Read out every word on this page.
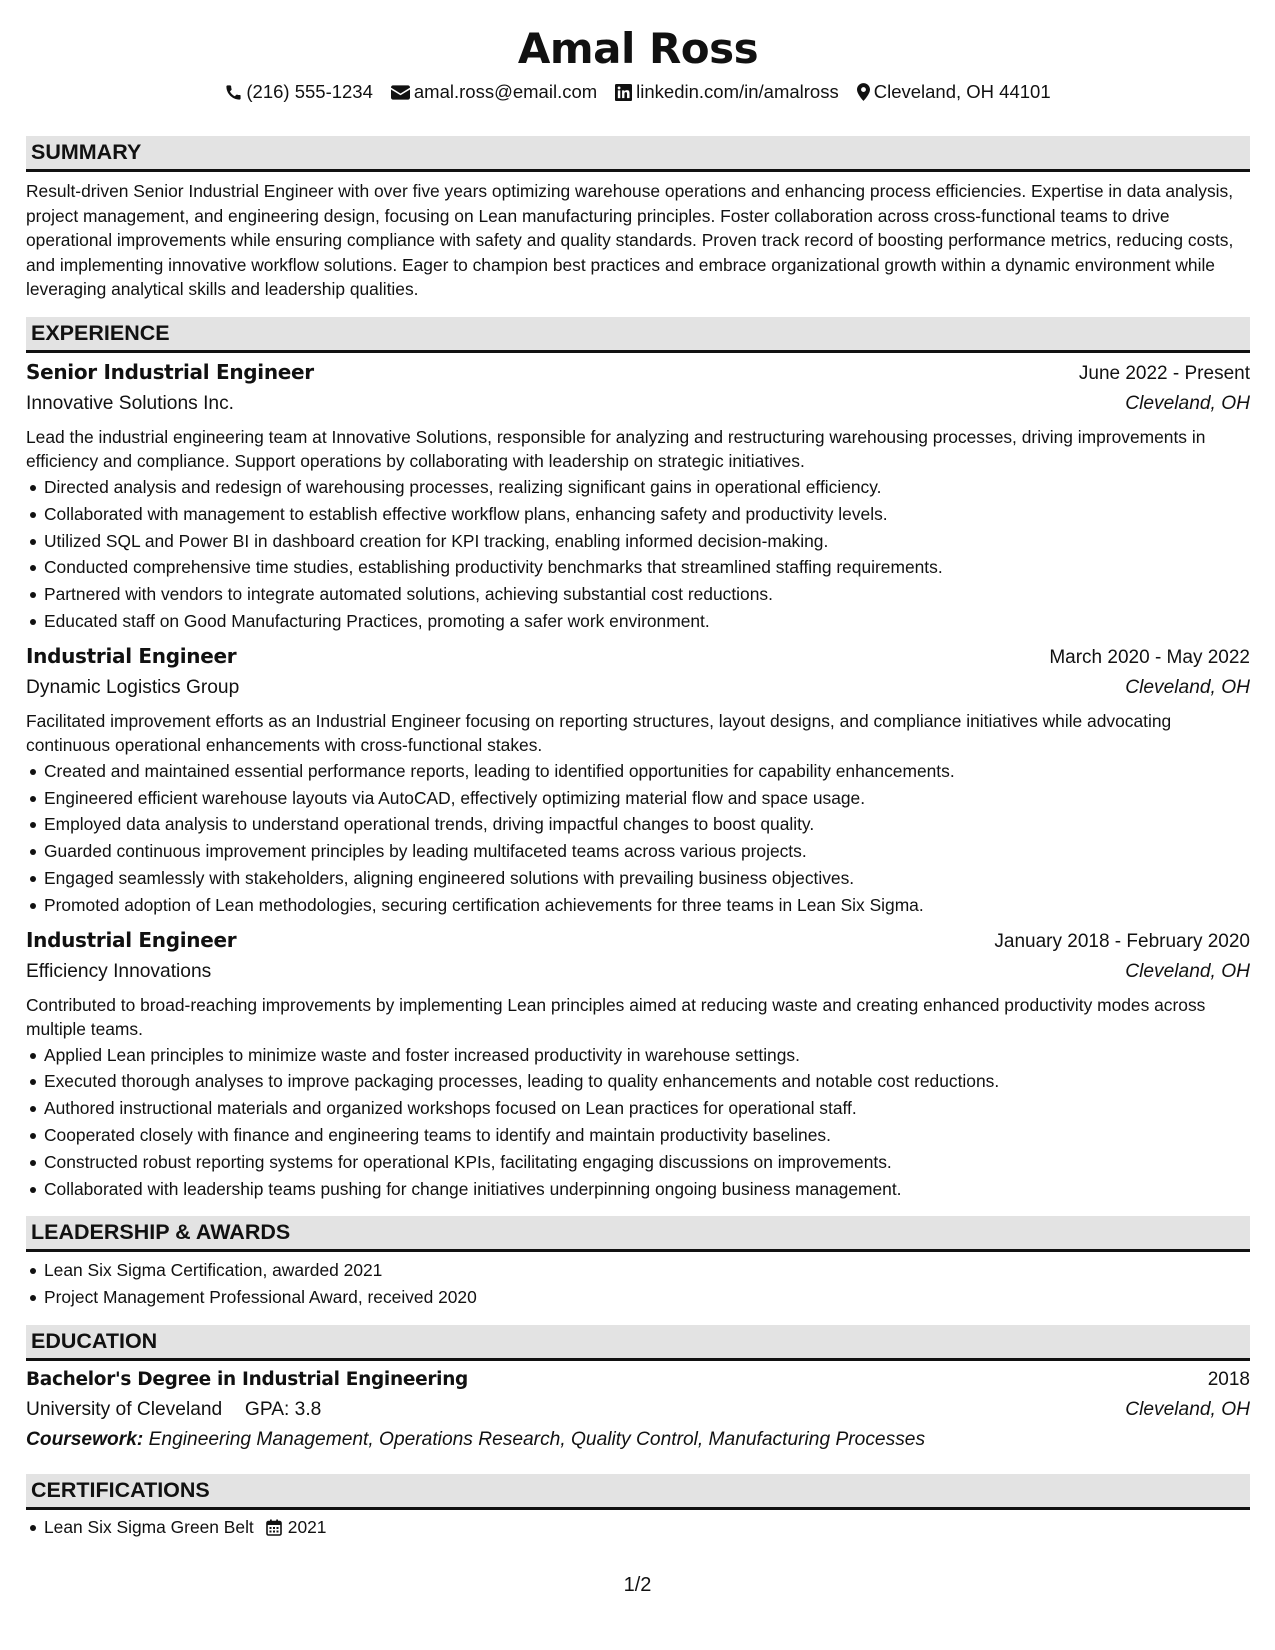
Amal Ross
(216) 555-1234 amal.ross@email.com linkedin.com/in/amalross Cleveland, OH 44101
SUMMARY

Result-driven Senior Industrial Engineer with over five years optimizing warehouse operations and enhancing process efficiencies. Expertise in data analysis, project management, and engineering design, focusing on Lean manufacturing principles. Foster collaboration across cross-functional teams to drive operational improvements while ensuring compliance with safety and quality standards. Proven track record of boosting performance metrics, reducing costs, and implementing innovative workflow solutions. Eager to champion best practices and embrace organizational growth within a dynamic environment while leveraging analytical skills and leadership qualities.

EXPERIENCE
Senior Industrial Engineer	June 2022 - Present
Innovative Solutions Inc.	Cleveland, OH

Lead the industrial engineering team at Innovative Solutions, responsible for analyzing and restructuring warehousing processes, driving improvements in efficiency and compliance. Support operations by collaborating with leadership on strategic initiatives.

Directed analysis and redesign of warehousing processes, realizing significant gains in operational efficiency.
Collaborated with management to establish effective workflow plans, enhancing safety and productivity levels.
Utilized SQL and Power BI in dashboard creation for KPI tracking, enabling informed decision-making.
Conducted comprehensive time studies, establishing productivity benchmarks that streamlined staffing requirements.
Partnered with vendors to integrate automated solutions, achieving substantial cost reductions.
Educated staff on Good Manufacturing Practices, promoting a safer work environment.
Industrial Engineer	March 2020 - May 2022
Dynamic Logistics Group	Cleveland, OH

Facilitated improvement efforts as an Industrial Engineer focusing on reporting structures, layout designs, and compliance initiatives while advocating continuous operational enhancements with cross-functional stakes.

Created and maintained essential performance reports, leading to identified opportunities for capability enhancements.
Engineered efficient warehouse layouts via AutoCAD, effectively optimizing material flow and space usage.
Employed data analysis to understand operational trends, driving impactful changes to boost quality.
Guarded continuous improvement principles by leading multifaceted teams across various projects.
Engaged seamlessly with stakeholders, aligning engineered solutions with prevailing business objectives.
Promoted adoption of Lean methodologies, securing certification achievements for three teams in Lean Six Sigma.
Industrial Engineer	January 2018 - February 2020
Efficiency Innovations	Cleveland, OH

Contributed to broad-reaching improvements by implementing Lean principles aimed at reducing waste and creating enhanced productivity modes across multiple teams.

Applied Lean principles to minimize waste and foster increased productivity in warehouse settings.
Executed thorough analyses to improve packaging processes, leading to quality enhancements and notable cost reductions.
Authored instructional materials and organized workshops focused on Lean practices for operational staff.
Cooperated closely with finance and engineering teams to identify and maintain productivity baselines.
Constructed robust reporting systems for operational KPIs, facilitating engaging discussions on improvements.
Collaborated with leadership teams pushing for change initiatives underpinning ongoing business management.
LEADERSHIP & AWARDS
Lean Six Sigma Certification, awarded 2021
Project Management Professional Award, received 2020
EDUCATION
Bachelor's Degree in Industrial Engineering	2018
University of Cleveland GPA: 3.8	Cleveland, OH
Coursework: Engineering Management, Operations Research, Quality Control, Manufacturing Processes
CERTIFICATIONS
Lean Six Sigma Green Belt 2021
1/2
